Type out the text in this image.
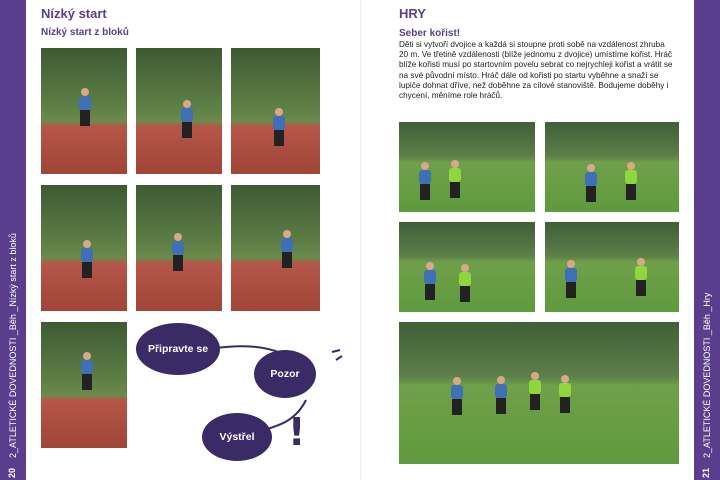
20
2_ATLETICKÉ DOVEDNOSTI _Běh _Nízký start z bloků
21
2_ATLETICKÉ DOVEDNOSTI _Běh _Hry
Nízký start
Nízký start z bloků
Připravte se
Pozor
Výstřel !
HRY
Seber kořist!
Děti si vytvoří dvojice a každá si stoupne proti sobě na vzdálenost zhruba 20 m. Ve třetině vzdálenosti (blíže jednomu z dvojice) umístíme kořist. Hráč blíže kořisti musí po startovním povelu sebrat co nejrychleji kořist a vrátit se na své původní místo. Hráč dále od kořisti po startu vyběhne a snaží se lupiče dohnat dříve, než doběhne za cílové stanoviště. Bodujeme doběhy i chycení, měníme role hráčů.
